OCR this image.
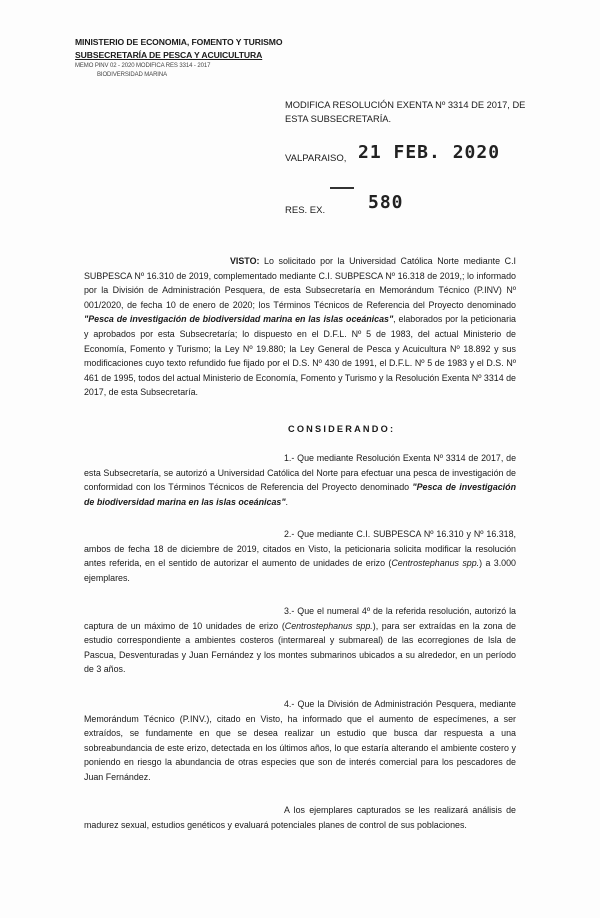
MINISTERIO DE ECONOMIA, FOMENTO Y TURISMO
SUBSECRETARÍA DE PESCA Y ACUICULTURA
MEMO PINV 02 - 2020 MODIFICA RES 3314 - 2017
BIODIVERSIDAD MARINA
MODIFICA RESOLUCIÓN EXENTA Nº 3314 DE 2017, DE ESTA SUBSECRETARÍA.
VALPARAISO, 21 FEB. 2020
RES. EX. 580
VISTO: Lo solicitado por la Universidad Católica Norte mediante C.I SUBPESCA Nº 16.310 de 2019, complementado mediante C.I. SUBPESCA Nº 16.318 de 2019,; lo informado por la División de Administración Pesquera, de esta Subsecretaría en Memorándum Técnico (P.INV) Nº 001/2020, de fecha 10 de enero de 2020; los Términos Técnicos de Referencia del Proyecto denominado "Pesca de investigación de biodiversidad marina en las islas oceánicas", elaborados por la peticionaria y aprobados por esta Subsecretaría; lo dispuesto en el D.F.L. Nº 5 de 1983, del actual Ministerio de Economía, Fomento y Turismo; la Ley Nº 19.880; la Ley General de Pesca y Acuicultura Nº 18.892 y sus modificaciones cuyo texto refundido fue fijado por el D.S. Nº 430 de 1991, el D.F.L. Nº 5 de 1983 y el D.S. Nº 461 de 1995, todos del actual Ministerio de Economía, Fomento y Turismo y la Resolución Exenta Nº 3314 de 2017, de esta Subsecretaría.
CONSIDERANDO:
1.- Que mediante Resolución Exenta Nº 3314 de 2017, de esta Subsecretaría, se autorizó a Universidad Católica del Norte para efectuar una pesca de investigación de conformidad con los Términos Técnicos de Referencia del Proyecto denominado "Pesca de investigación de biodiversidad marina en las islas oceánicas".
2.- Que mediante C.I. SUBPESCA Nº 16.310 y Nº 16.318, ambos de fecha 18 de diciembre de 2019, citados en Visto, la peticionaria solicita modificar la resolución antes referida, en el sentido de autorizar el aumento de unidades de erizo (Centrostephanus spp.) a 3.000 ejemplares.
3.- Que el numeral 4º de la referida resolución, autorizó la captura de un máximo de 10 unidades de erizo (Centrostephanus spp.), para ser extraídas en la zona de estudio correspondiente a ambientes costeros (intermareal y submareal) de las ecorregiones de Isla de Pascua, Desventuradas y Juan Fernández y los montes submarinos ubicados a su alrededor, en un período de 3 años.
4.- Que la División de Administración Pesquera, mediante Memorándum Técnico (P.INV.), citado en Visto, ha informado que el aumento de especímenes, a ser extraídos, se fundamente en que se desea realizar un estudio que busca dar respuesta a una sobreabundancia de este erizo, detectada en los últimos años, lo que estaría alterando el ambiente costero y poniendo en riesgo la abundancia de otras especies que son de interés comercial para los pescadores de Juan Fernández.
A los ejemplares capturados se les realizará análisis de madurez sexual, estudios genéticos y evaluará potenciales planes de control de sus poblaciones.
